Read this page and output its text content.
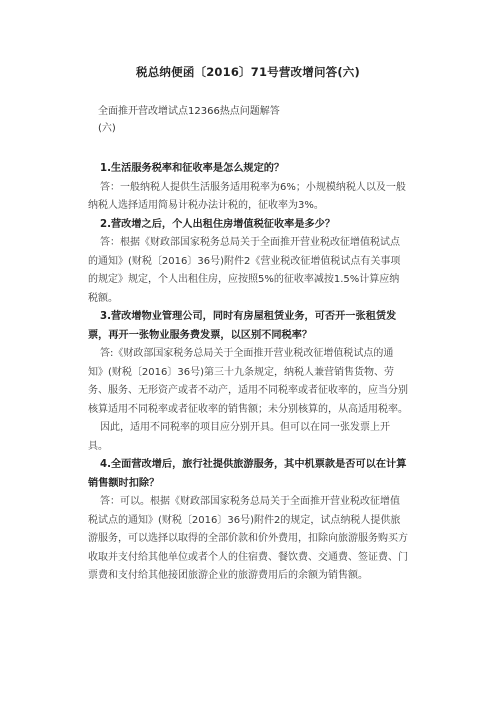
税总纳便函〔2016〕71号营改增问答(六)
全面推开营改增试点12366热点问题解答
(六)

1.生活服务税率和征收率是怎么规定的？

答：一般纳税人提供生活服务适用税率为6%；小规模纳税人以及一般纳税人选择适用简易计税办法计税的，征收率为3%。

2.营改增之后，个人出租住房增值税征收率是多少？

答：根据《财政部国家税务总局关于全面推开营业税改征增值税试点的通知》(财税〔2016〕36号)附件2《营业税改征增值税试点有关事项的规定》规定，个人出租住房，应按照5%的征收率减按1.5%计算应纳税额。

3.营改增物业管理公司，同时有房屋租赁业务，可否开一张租赁发票，再开一张物业服务费发票，以区别不同税率？

答:《财政部国家税务总局关于全面推开营业税改征增值税试点的通知》(财税〔2016〕36号)第三十九条规定，纳税人兼营销售货物、劳务、服务、无形资产或者不动产，适用不同税率或者征收率的，应当分别核算适用不同税率或者征收率的销售额；未分别核算的，从高适用税率。

因此，适用不同税率的项目应分别开具。但可以在同一张发票上开具。

4.全面营改增后，旅行社提供旅游服务，其中机票款是否可以在计算销售额时扣除？

答：可以。根据《财政部国家税务总局关于全面推开营业税改征增值税试点的通知》(财税〔2016〕36号)附件2的规定，试点纳税人提供旅游服务，可以选择以取得的全部价款和价外费用，扣除向旅游服务购买方收取并支付给其他单位或者个人的住宿费、餐饮费、交通费、签证费、门票费和支付给其他接团旅游企业的旅游费用后的余额为销售额。
